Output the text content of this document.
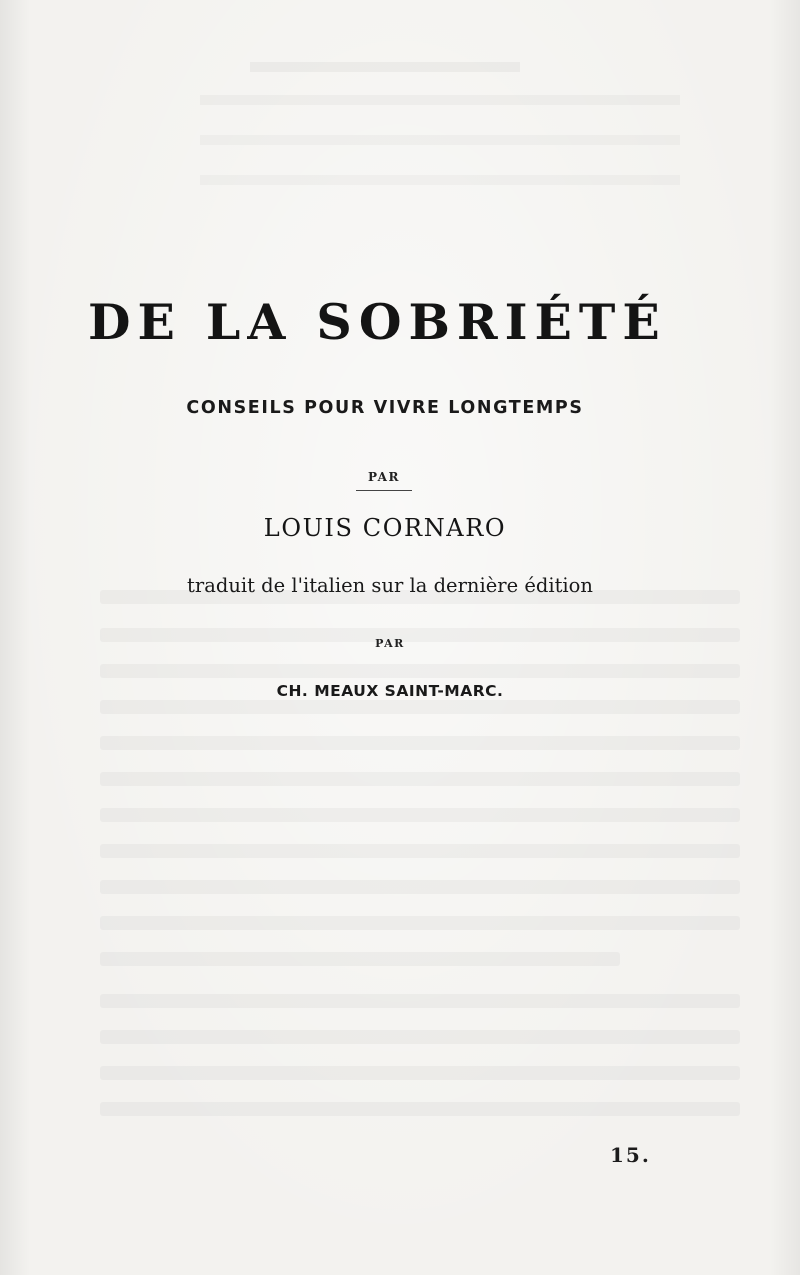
DE LA SOBRIÉTÉ
CONSEILS POUR VIVRE LONGTEMPS
PAR
LOUIS CORNARO
traduit de l'italien sur la dernière édition
PAR
CH. MEAUX SAINT-MARC.
15.
